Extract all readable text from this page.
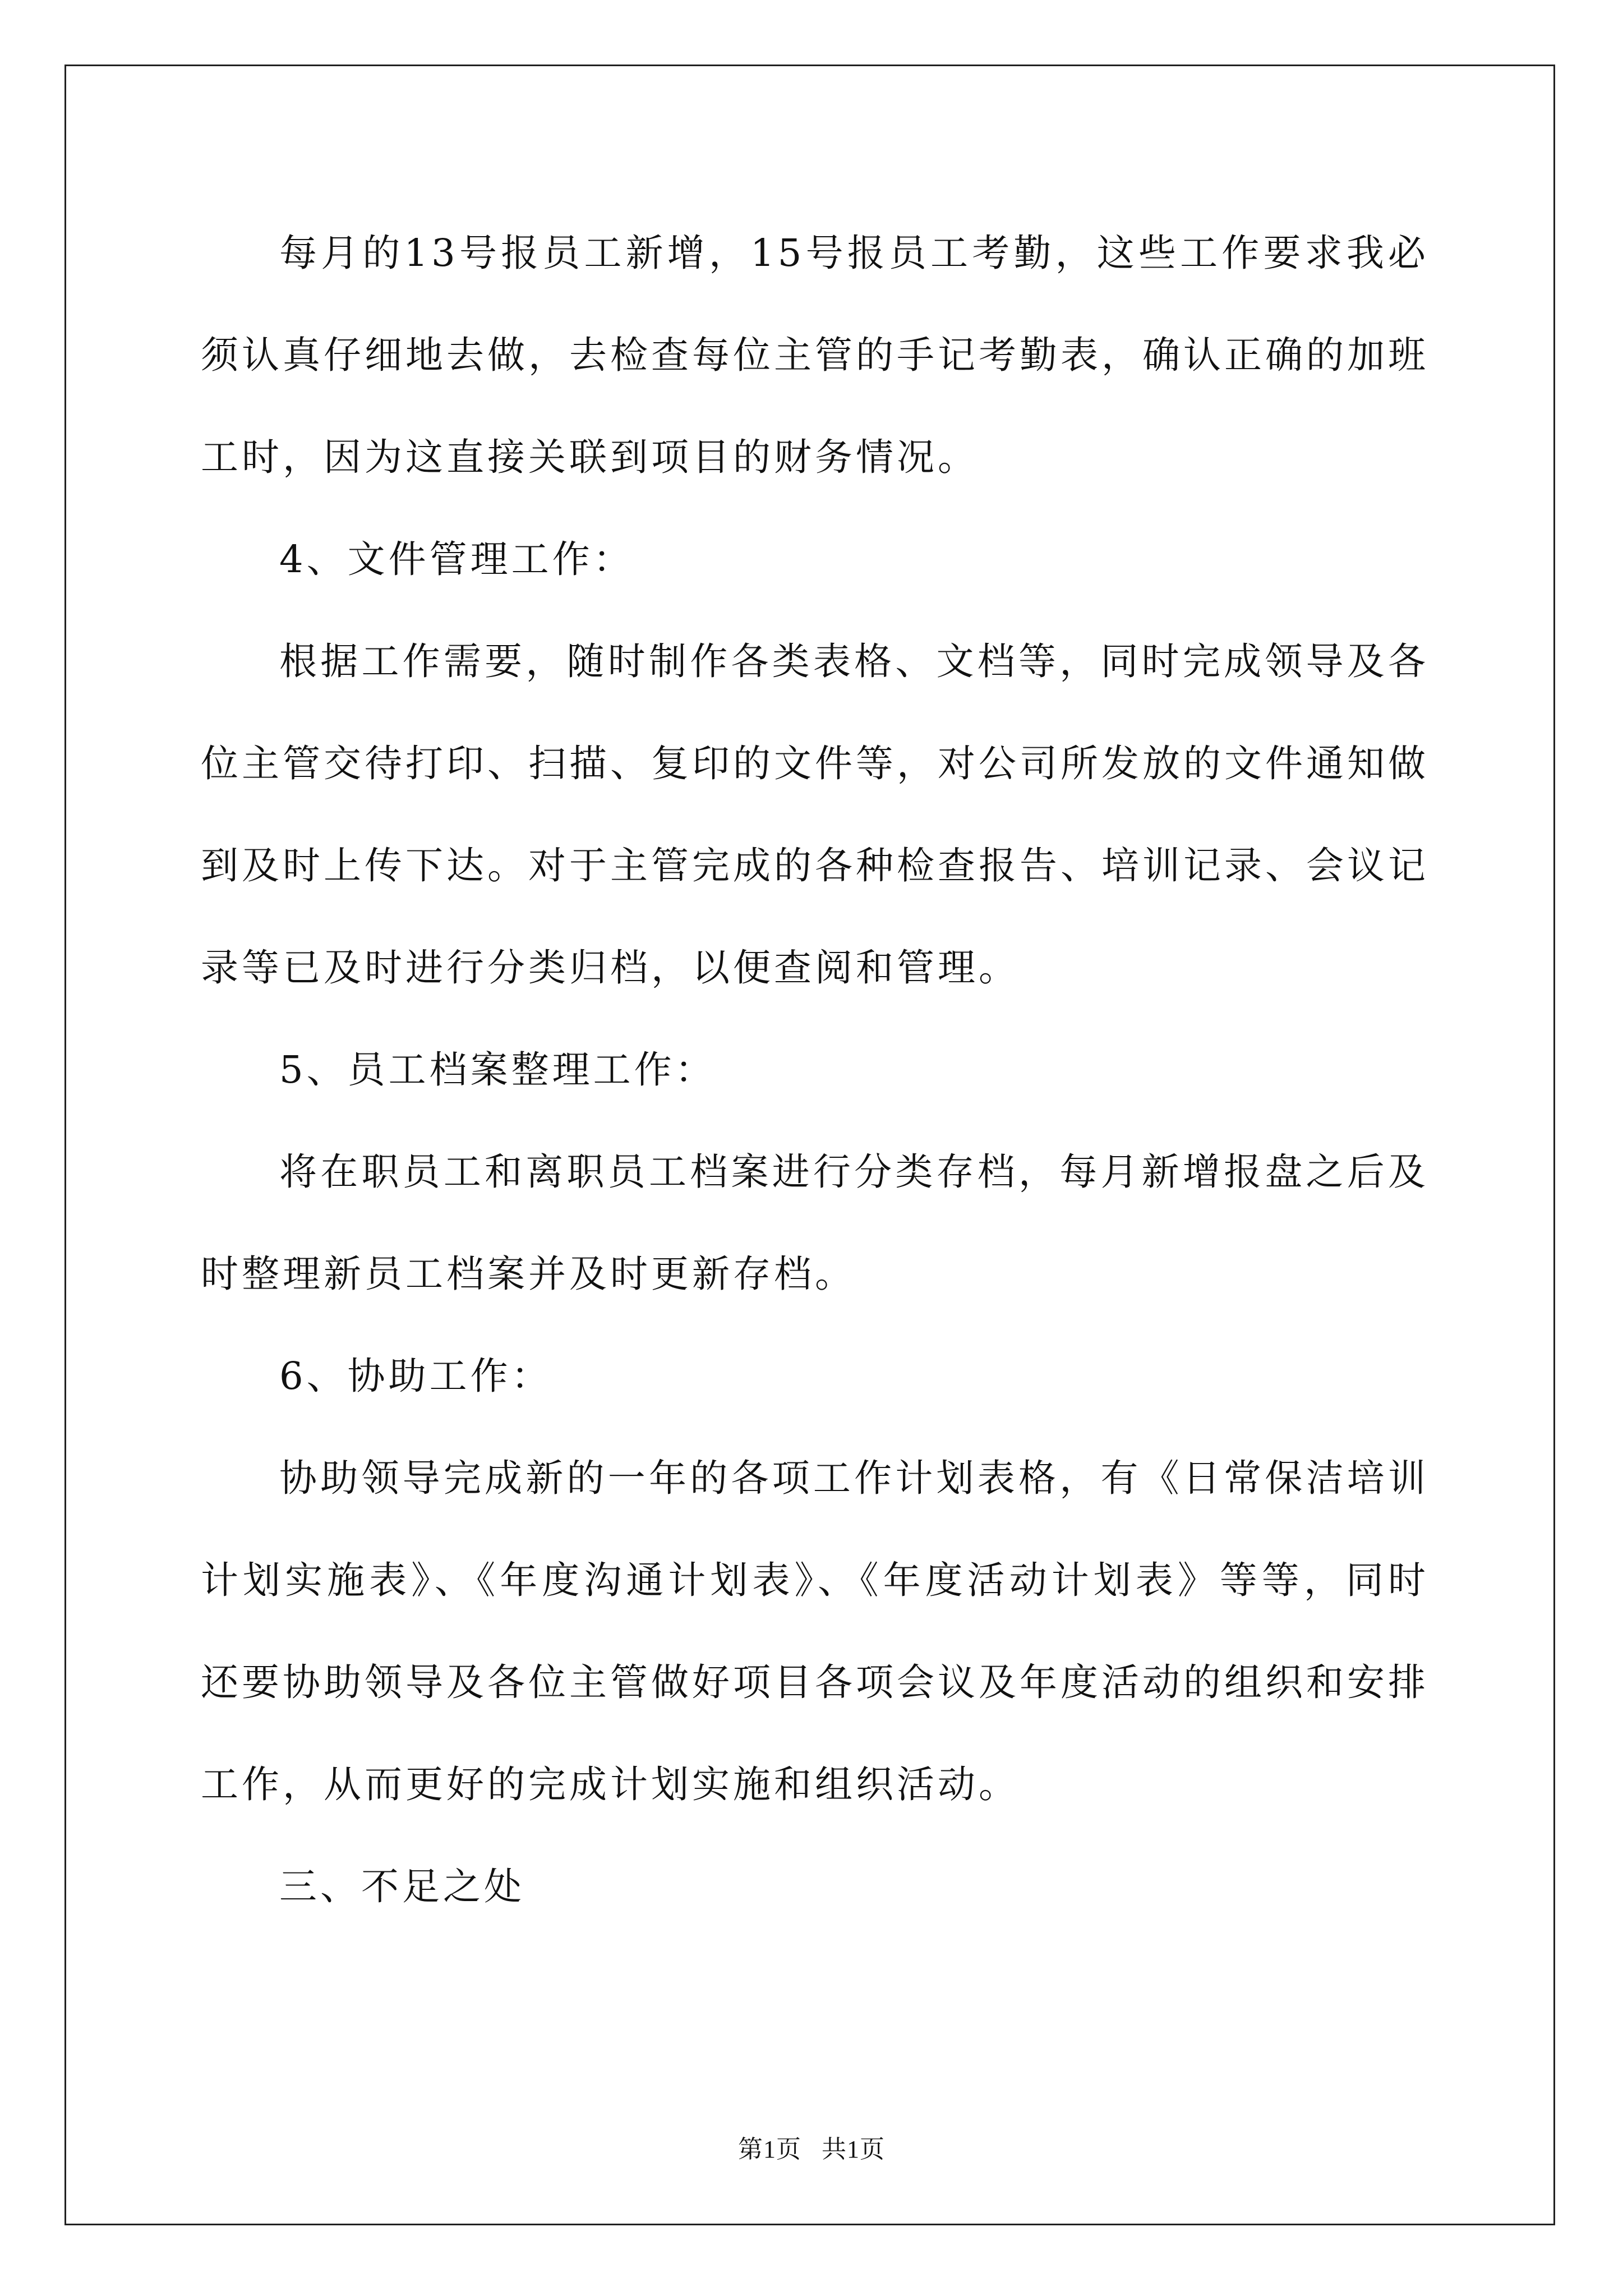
每月的13号报员工新增，15号报员工考勤，这些工作要求我必须认真仔细地去做，去检查每位主管的手记考勤表，确认正确的加班工时，因为这直接关联到项目的财务情况。

4、文件管理工作：

根据工作需要，随时制作各类表格、文档等，同时完成领导及各位主管交待打印、扫描、复印的文件等，对公司所发放的文件通知做到及时上传下达。对于主管完成的各种检查报告、培训记录、会议记录等已及时进行分类归档，以便查阅和管理。

5、员工档案整理工作：

将在职员工和离职员工档案进行分类存档，每月新增报盘之后及时整理新员工档案并及时更新存档。

6、协助工作：

协助领导完成新的一年的各项工作计划表格，有《日常保洁培训计划实施表》、《年度沟通计划表》、《年度活动计划表》等等，同时还要协助领导及各位主管做好项目各项会议及年度活动的组织和安排工作，从而更好的完成计划实施和组织活动。

三、不足之处

第1页   共1页
